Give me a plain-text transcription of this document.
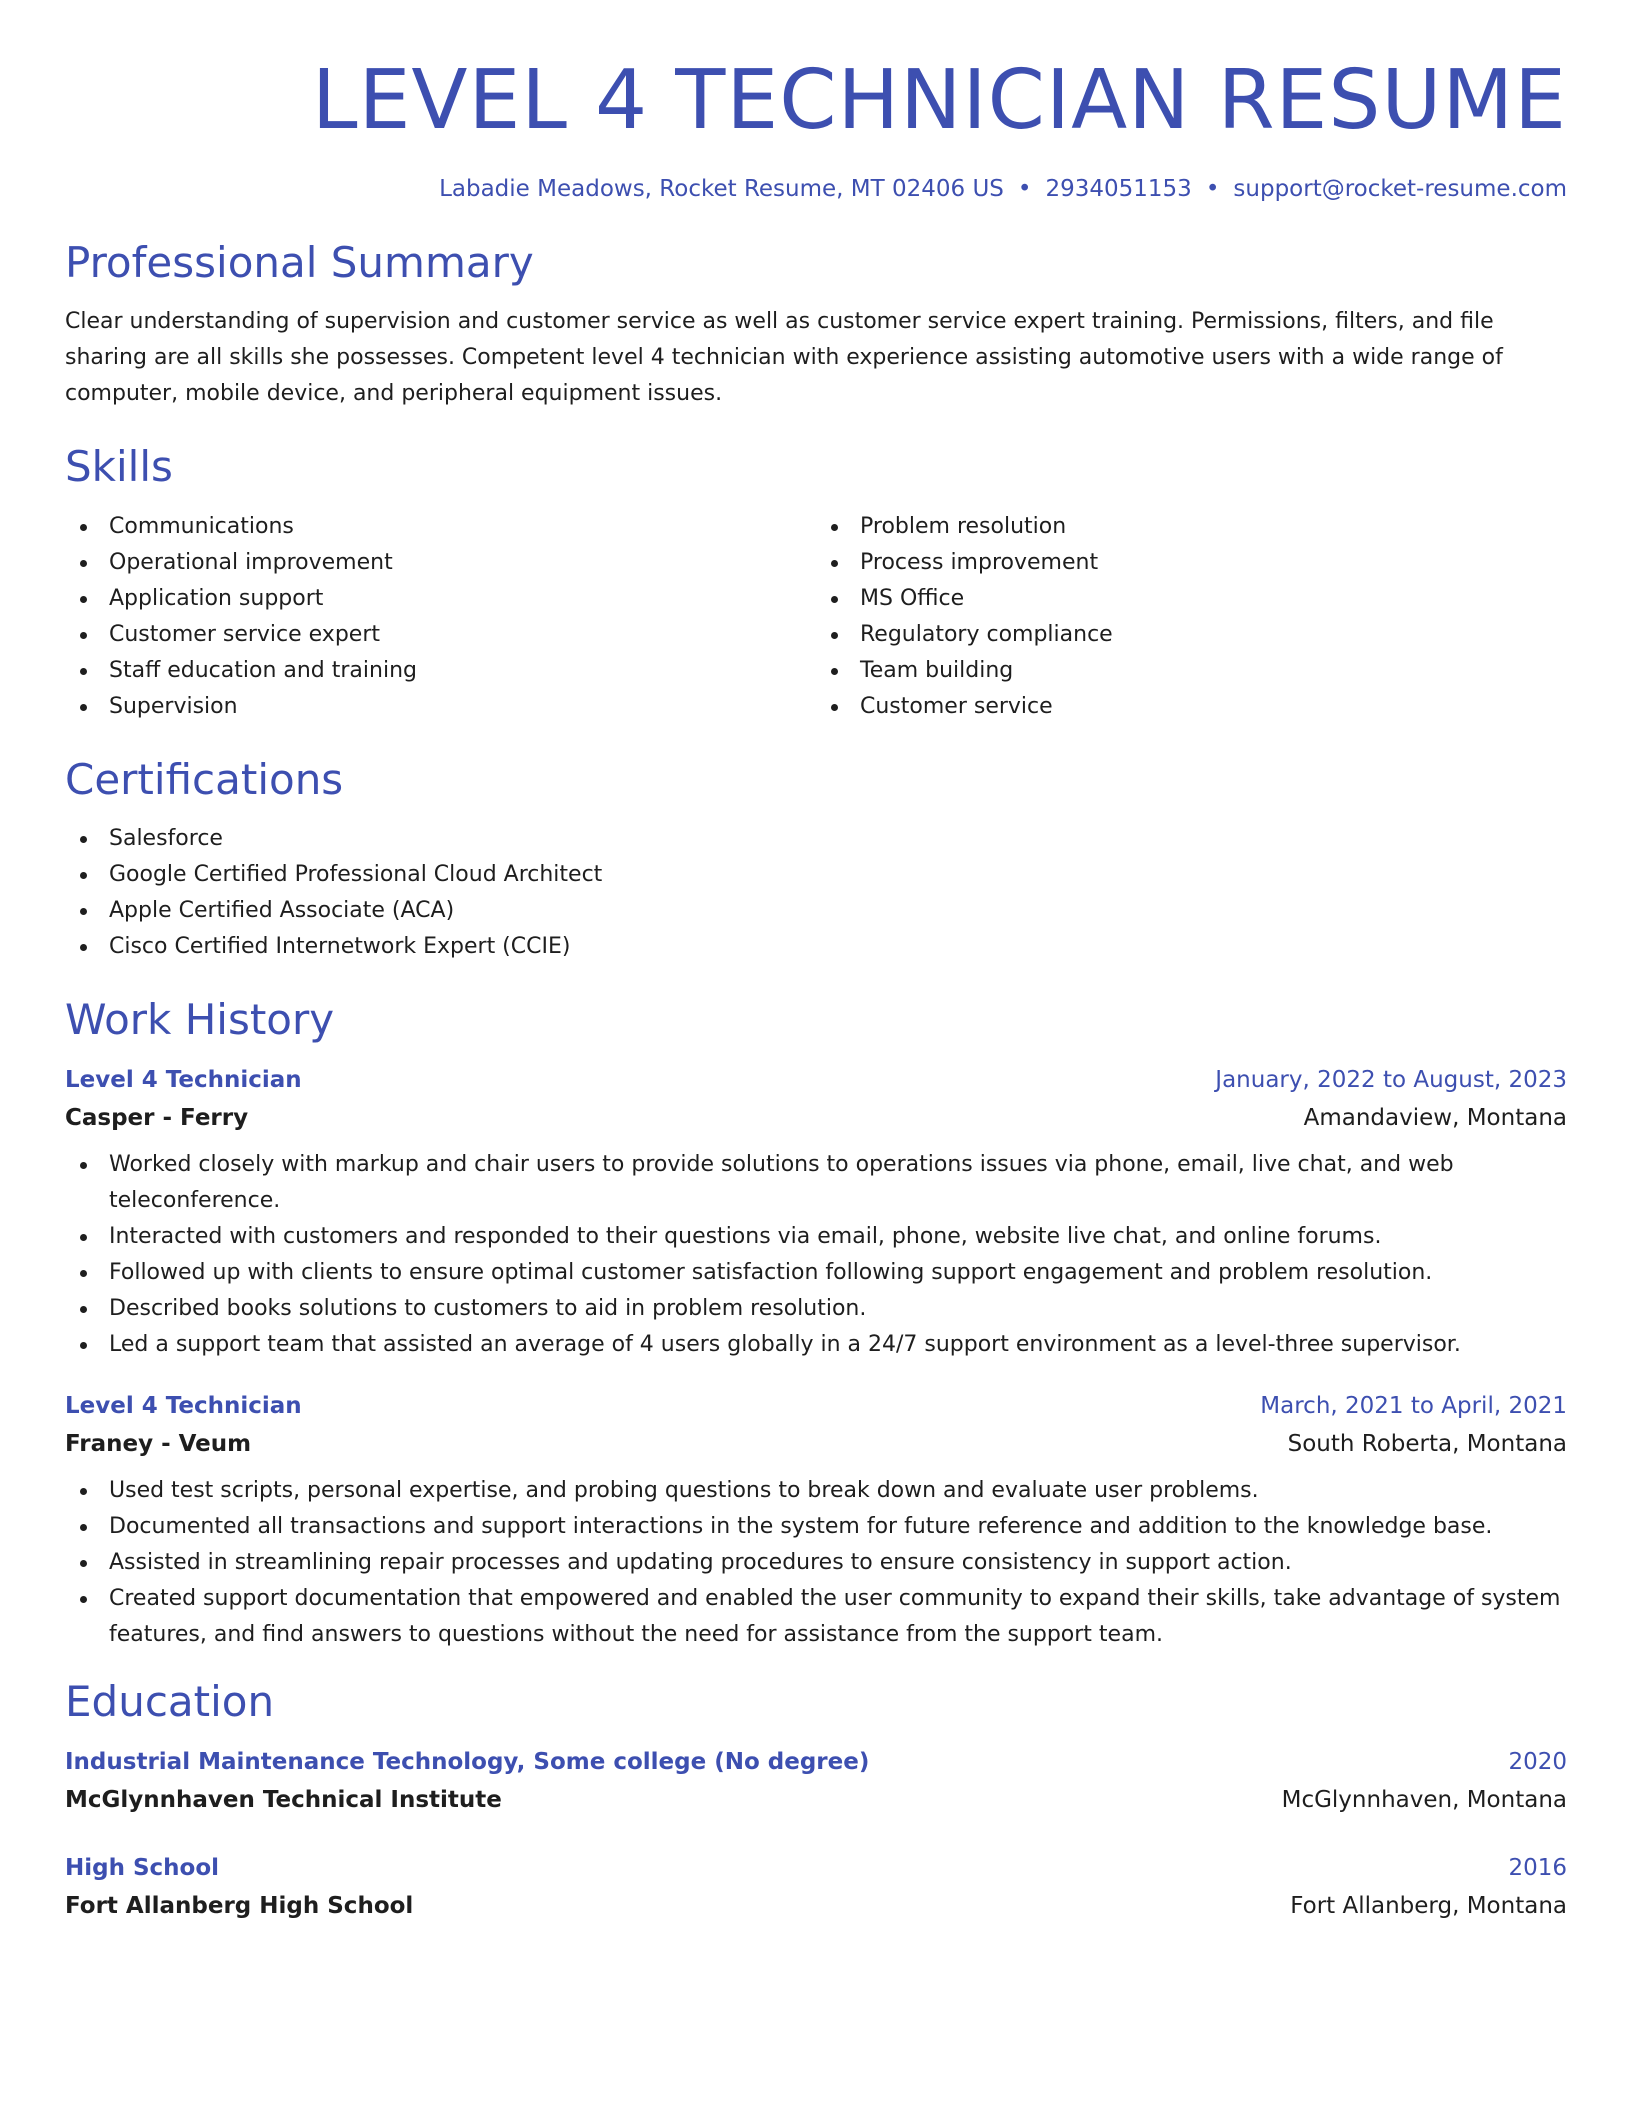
LEVEL 4 TECHNICIAN RESUME
Labadie Meadows, Rocket Resume, MT 02406 US • 2934051153 • support@rocket-resume.com
Professional Summary

Clear understanding of supervision and customer service as well as customer service expert training. Permissions, filters, and file sharing are all skills she possesses. Competent level 4 technician with experience assisting automotive users with a wide range of computer, mobile device, and peripheral equipment issues.

Skills
Communications
Operational improvement
Application support
Customer service expert
Staff education and training
Supervision
Problem resolution
Process improvement
MS Office
Regulatory compliance
Team building
Customer service
Certifications
Salesforce
Google Certified Professional Cloud Architect
Apple Certified Associate (ACA)
Cisco Certified Internetwork Expert (CCIE)
Work History
Level 4 Technician	January, 2022 to August, 2023
Casper - Ferry	Amandaview, Montana
Worked closely with markup and chair users to provide solutions to operations issues via phone, email, live chat, and web teleconference.
Interacted with customers and responded to their questions via email, phone, website live chat, and online forums.
Followed up with clients to ensure optimal customer satisfaction following support engagement and problem resolution.
Described books solutions to customers to aid in problem resolution.
Led a support team that assisted an average of 4 users globally in a 24/7 support environment as a level-three supervisor.
Level 4 Technician	March, 2021 to April, 2021
Franey - Veum	South Roberta, Montana
Used test scripts, personal expertise, and probing questions to break down and evaluate user problems.
Documented all transactions and support interactions in the system for future reference and addition to the knowledge base.
Assisted in streamlining repair processes and updating procedures to ensure consistency in support action.
Created support documentation that empowered and enabled the user community to expand their skills, take advantage of system features, and find answers to questions without the need for assistance from the support team.
Education
Industrial Maintenance Technology, Some college (No degree)	2020
McGlynnhaven Technical Institute	McGlynnhaven, Montana
High School	2016
Fort Allanberg High School	Fort Allanberg, Montana
